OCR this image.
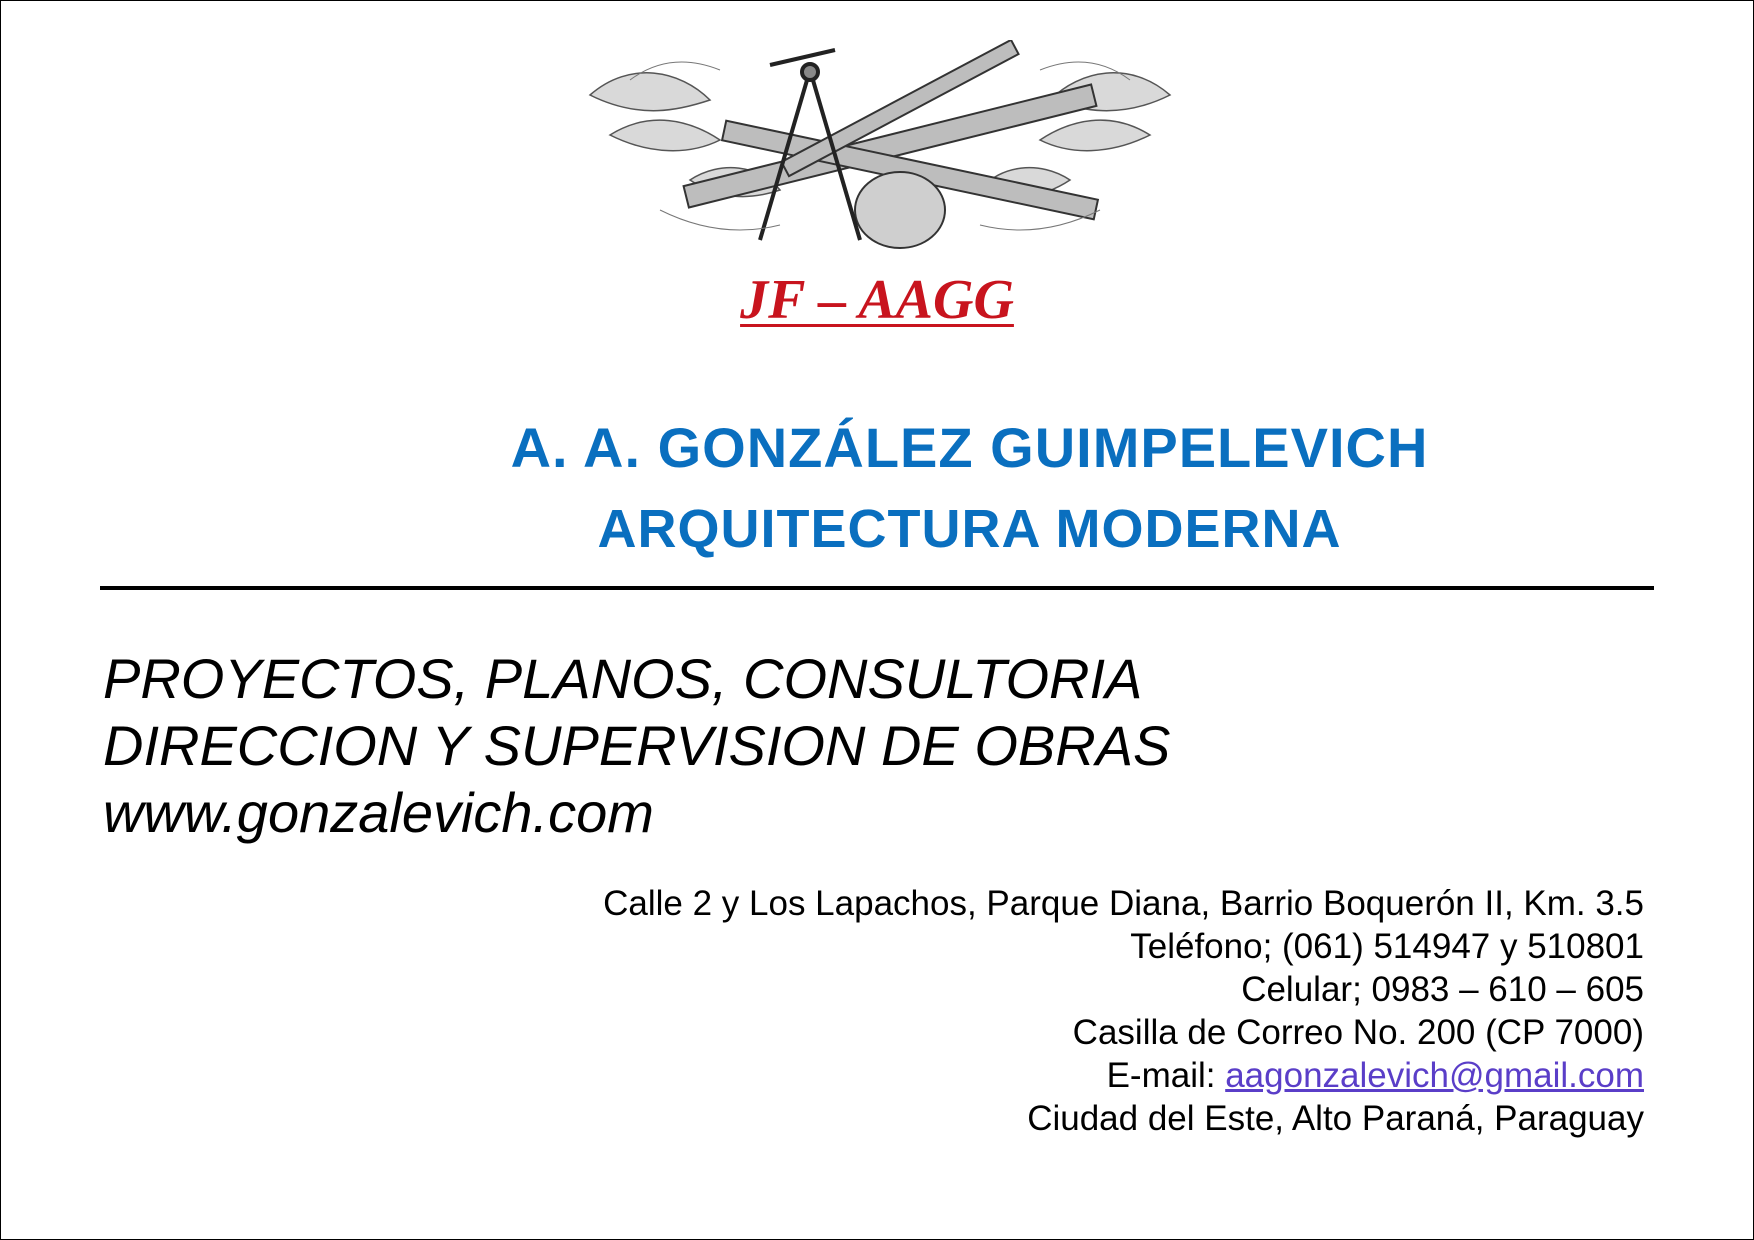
JF – AAGG
A. A. GONZÁLEZ GUIMPELEVICH
ARQUITECTURA MODERNA
PROYECTOS, PLANOS, CONSULTORIA
DIRECCION Y SUPERVISION DE OBRAS
www.gonzalevich.com
Calle 2 y Los Lapachos, Parque Diana, Barrio Boquerón II, Km. 3.5
Teléfono; (061) 514947 y 510801
Celular; 0983 – 610 – 605
Casilla de Correo No. 200 (CP 7000)
E-mail: aagonzalevich@gmail.com
Ciudad del Este, Alto Paraná, Paraguay
